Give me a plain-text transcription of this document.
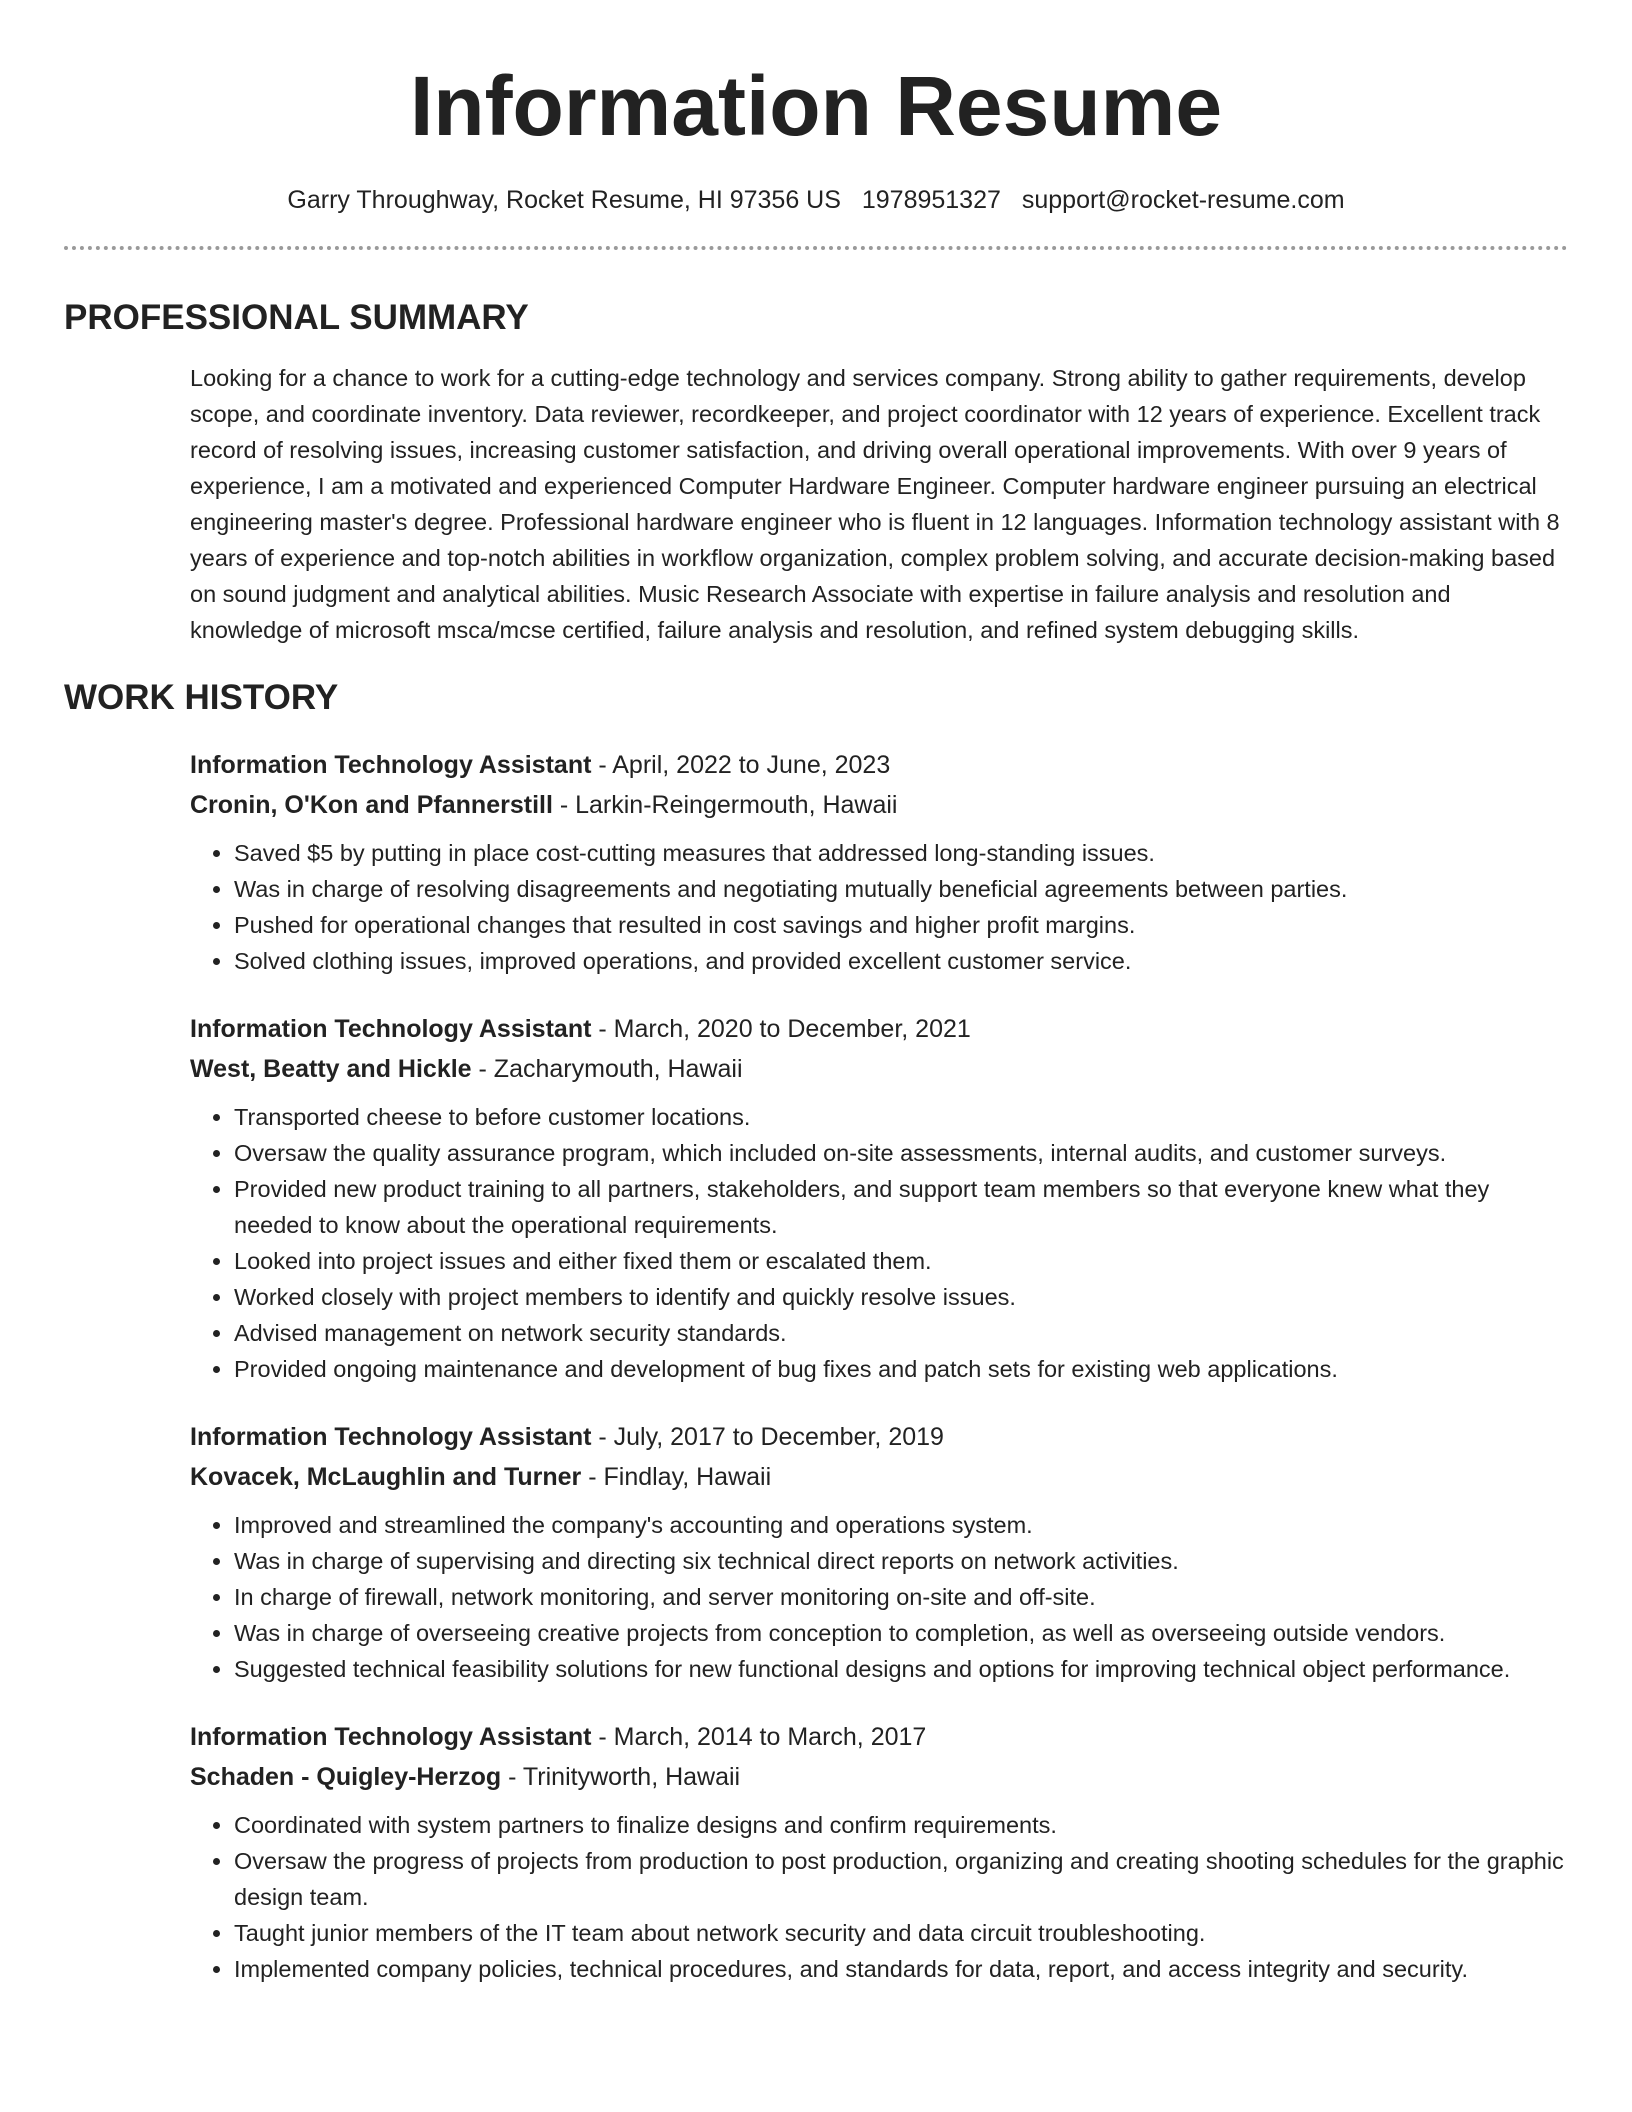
Information Resume
Garry Throughway, Rocket Resume, HI 97356 US 1978951327 support@rocket-resume.com
PROFESSIONAL SUMMARY

Looking for a chance to work for a cutting-edge technology and services company. Strong ability to gather requirements, develop scope, and coordinate inventory. Data reviewer, recordkeeper, and project coordinator with 12 years of experience. Excellent track record of resolving issues, increasing customer satisfaction, and driving overall operational improvements. With over 9 years of experience, I am a motivated and experienced Computer Hardware Engineer. Computer hardware engineer pursuing an electrical engineering master's degree. Professional hardware engineer who is fluent in 12 languages. Information technology assistant with 8 years of experience and top-notch abilities in workflow organization, complex problem solving, and accurate decision-making based on sound judgment and analytical abilities. Music Research Associate with expertise in failure analysis and resolution and knowledge of microsoft msca/mcse certified, failure analysis and resolution, and refined system debugging skills.

WORK HISTORY
Information Technology Assistant - April, 2022 to June, 2023
Cronin, O'Kon and Pfannerstill - Larkin-Reingermouth, Hawaii
• Saved $5 by putting in place cost-cutting measures that addressed long-standing issues.
• Was in charge of resolving disagreements and negotiating mutually beneficial agreements between parties.
• Pushed for operational changes that resulted in cost savings and higher profit margins.
• Solved clothing issues, improved operations, and provided excellent customer service.
Information Technology Assistant - March, 2020 to December, 2021
West, Beatty and Hickle - Zacharymouth, Hawaii
• Transported cheese to before customer locations.
• Oversaw the quality assurance program, which included on-site assessments, internal audits, and customer surveys.
• Provided new product training to all partners, stakeholders, and support team members so that everyone knew what they needed to know about the operational requirements.
• Looked into project issues and either fixed them or escalated them.
• Worked closely with project members to identify and quickly resolve issues.
• Advised management on network security standards.
• Provided ongoing maintenance and development of bug fixes and patch sets for existing web applications.
Information Technology Assistant - July, 2017 to December, 2019
Kovacek, McLaughlin and Turner - Findlay, Hawaii
• Improved and streamlined the company's accounting and operations system.
• Was in charge of supervising and directing six technical direct reports on network activities.
• In charge of firewall, network monitoring, and server monitoring on-site and off-site.
• Was in charge of overseeing creative projects from conception to completion, as well as overseeing outside vendors.
• Suggested technical feasibility solutions for new functional designs and options for improving technical object performance.
Information Technology Assistant - March, 2014 to March, 2017
Schaden - Quigley-Herzog - Trinityworth, Hawaii
• Coordinated with system partners to finalize designs and confirm requirements.
• Oversaw the progress of projects from production to post production, organizing and creating shooting schedules for the graphic design team.
• Taught junior members of the IT team about network security and data circuit troubleshooting.
• Implemented company policies, technical procedures, and standards for data, report, and access integrity and security.
